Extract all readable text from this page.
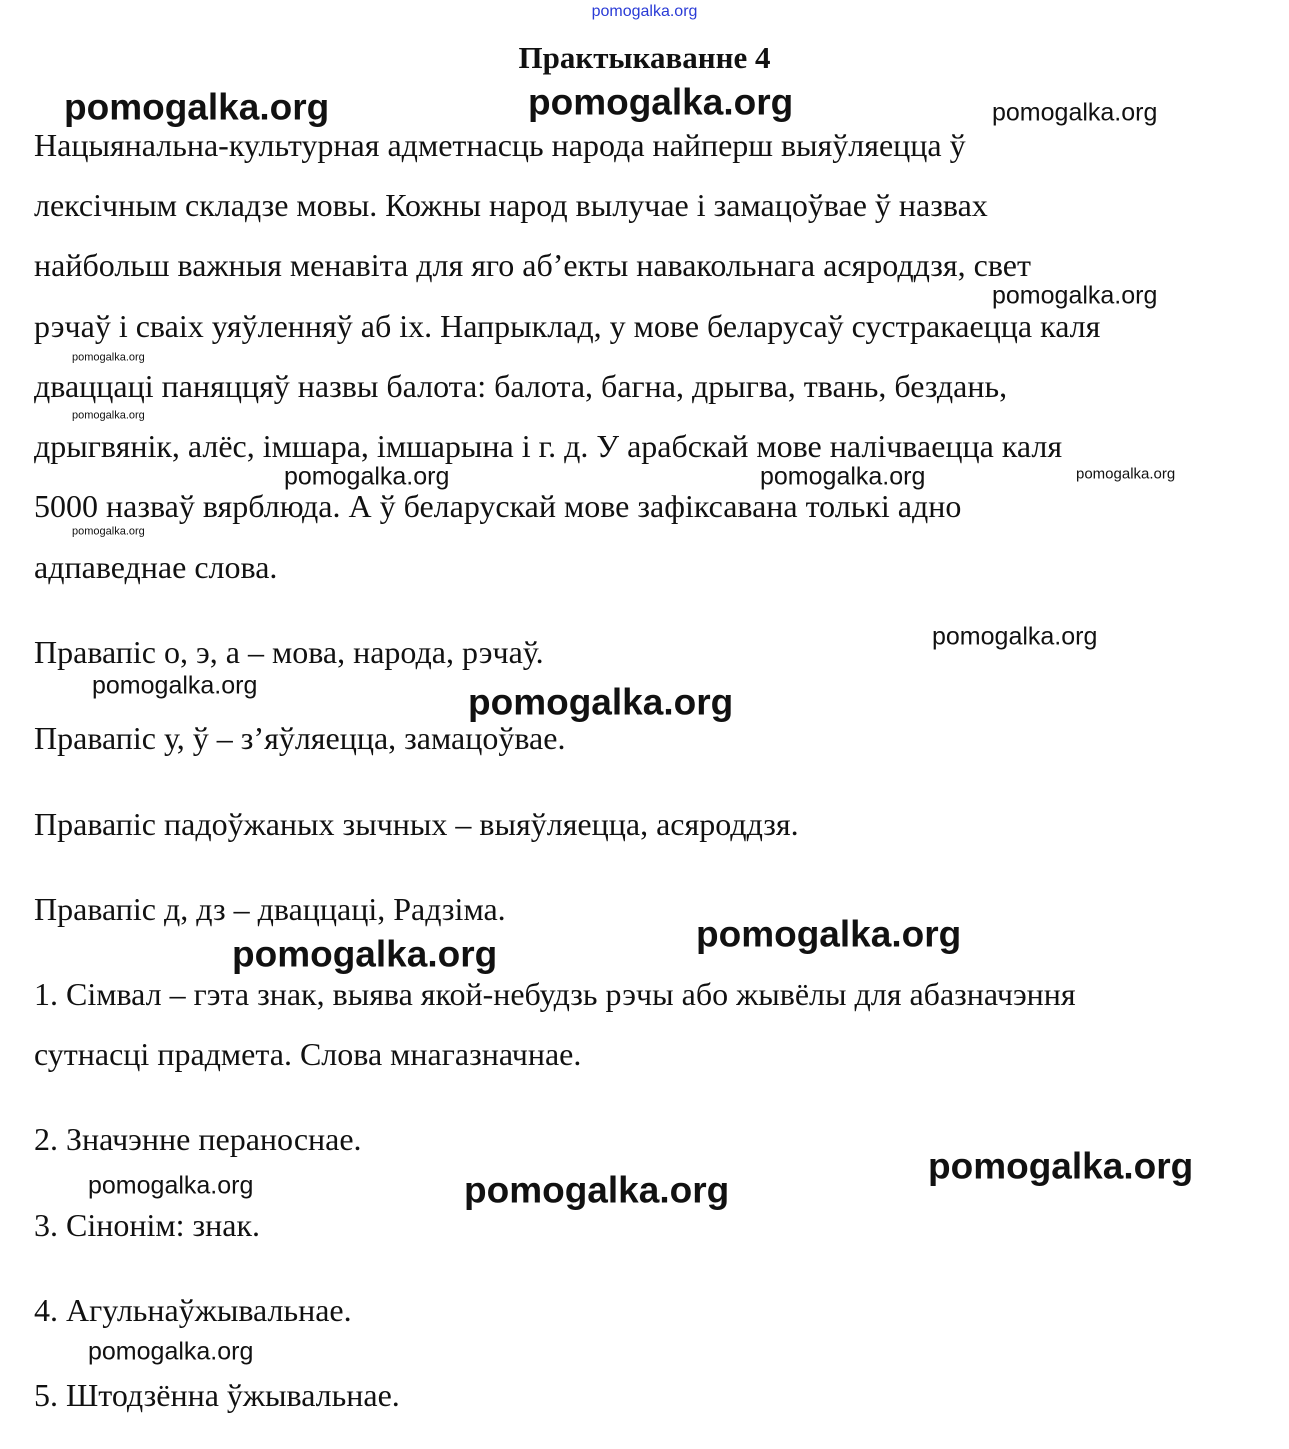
pomogalka.org
Практыкаванне 4
Нацыянальна-культурная адметнасць народа найперш выяўляецца ў
лексічным складзе мовы. Кожны народ вылучае і замацоўвае ў назвах
найбольш важныя менавіта для яго аб’екты навакольнага асяроддзя, свет
рэчаў і сваіх уяўленняў аб іх. Напрыклад, у мове беларусаў сустракаецца каля
дваццаці паняццяў назвы балота: балота, багна, дрыгва, твань, бездань,
дрыгвянік, алёс, імшара, імшарына і г. д. У арабскай мове налічваецца каля
5000 назваў вярблюда. А ў беларускай мове зафіксавана толькі адно
адпаведнае слова.
Правапіс о, э, а – мова, народа, рэчаў.
Правапіс у, ў – з’яўляецца, замацоўвае.
Правапіс падоўжаных зычных – выяўляецца, асяроддзя.
Правапіс д, дз – дваццаці, Радзіма.
1. Сімвал – гэта знак, выява якой-небудзь рэчы або жывёлы для абазначэння
сутнасці прадмета. Слова мнагазначнае.
2. Значэнне пераноснае.
3. Сінонім: знак.
4. Агульнаўжывальнае.
5. Штодзённа ўжывальнае.
pomogalka.org	pomogalka.org	pomogalka.org
pomogalka.org
pomogalka.org
pomogalka.org
pomogalka.org
pomogalka.org	pomogalka.org
pomogalka.org
pomogalka.org
pomogalka.org	pomogalka.org
pomogalka.org
pomogalka.org
pomogalka.org
pomogalka.org	pomogalka.org
pomogalka.org
